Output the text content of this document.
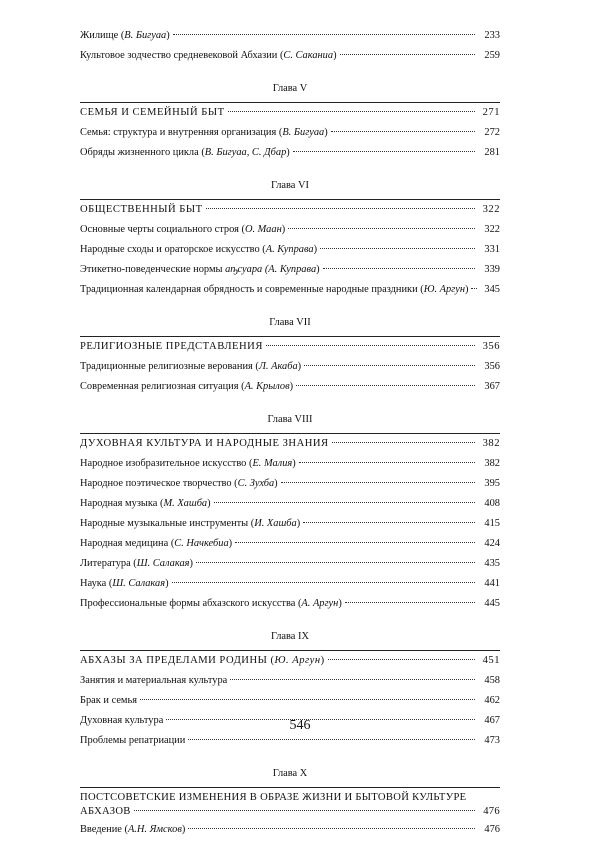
Жилище (В. Бигуаа)	233
Культовое зодчество средневековой Абхазии (С. Саканиа)	259
Глава V
СЕМЬЯ И СЕМЕЙНЫЙ БЫТ	271
Семья: структура и внутренняя организация (В. Бигуаа)	272
Обряды жизненного цикла (В. Бигуаа, С. Дбар)	281
Глава VI
ОБЩЕСТВЕННЫЙ БЫТ	322
Основные черты социального строя (О. Маан)	322
Народные сходы и ораторское искусство (А. Куправа)	331
Этикетно-поведенческие нормы аҧсуара (А. Куправа)	339
Традиционная календарная обрядность и современные народные праздники (Ю. Аргун)	345
Глава VII
РЕЛИГИОЗНЫЕ ПРЕДСТАВЛЕНИЯ	356
Традиционные религиозные верования (Л. Акаба)	356
Современная религиозная ситуация (А. Крылов)	367
Глава VIII
ДУХОВНАЯ КУЛЬТУРА И НАРОДНЫЕ ЗНАНИЯ	382
Народное изобразительное искусство (Е. Малия)	382
Народное поэтическое творчество (С. Зухба)	395
Народная музыка (М. Хашба)	408
Народные музыкальные инструменты (И. Хашба)	415
Народная медицина (С. Начкебиа)	424
Литература (Ш. Салакая)	435
Наука (Ш. Салакая)	441
Профессиональные формы абхазского искусства (А. Аргун)	445
Глава IX
АБХАЗЫ ЗА ПРЕДЕЛАМИ РОДИНЫ (Ю. Аргун)	451
Занятия и материальная культура	458
Брак и семья	462
Духовная культура	467
Проблемы репатриации	473
Глава X
ПОСТСОВЕТСКИЕ ИЗМЕНЕНИЯ В ОБРАЗЕ ЖИЗНИ И БЫТОВОЙ КУЛЬТУРЕ
АБХАЗОВ	476
Введение (А.Н. Ямсков)	476
546
